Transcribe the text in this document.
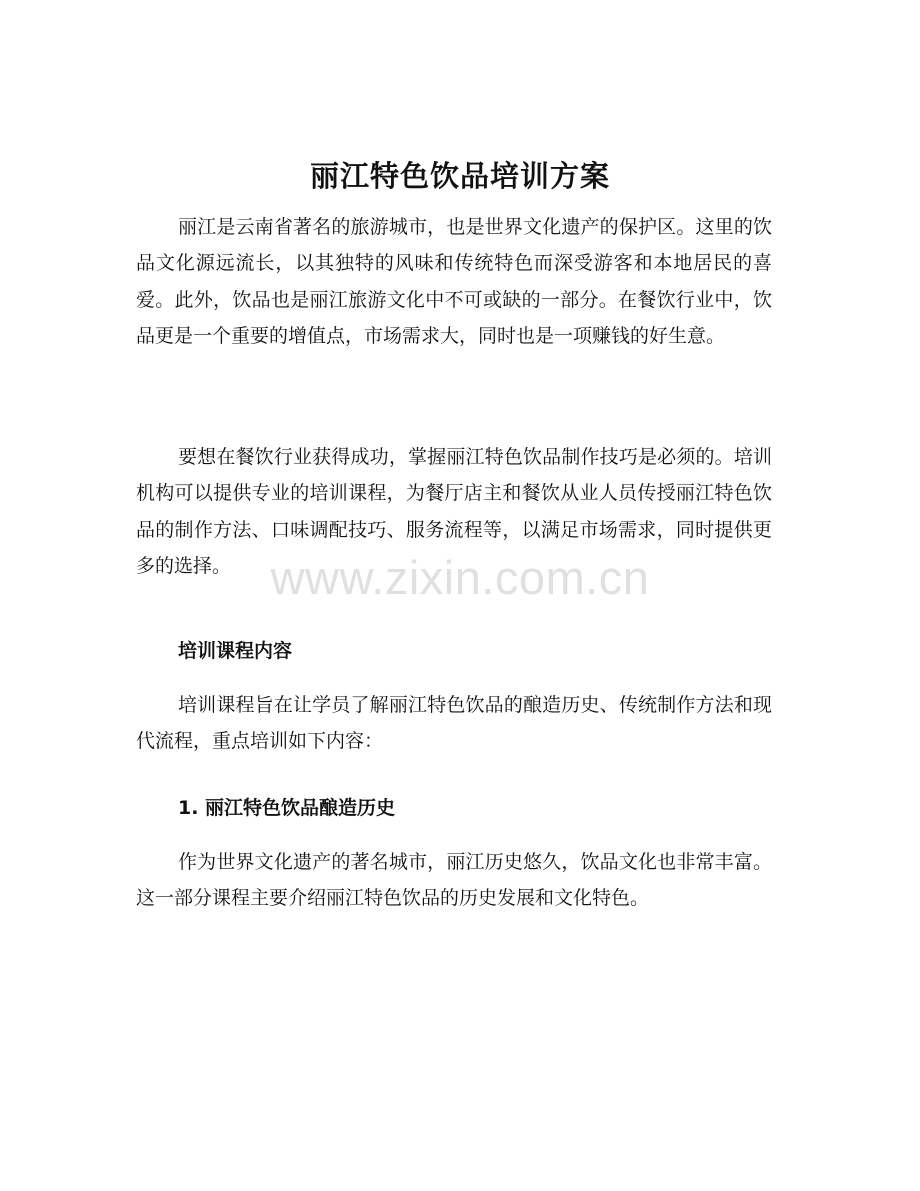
丽江特色饮品培训方案

丽江是云南省著名的旅游城市，也是世界文化遗产的保护区。这里的饮品文化源远流长，以其独特的风味和传统特色而深受游客和本地居民的喜爱。此外，饮品也是丽江旅游文化中不可或缺的一部分。在餐饮行业中，饮品更是一个重要的增值点，市场需求大，同时也是一项赚钱的好生意。

要想在餐饮行业获得成功，掌握丽江特色饮品制作技巧是必须的。培训机构可以提供专业的培训课程，为餐厅店主和餐饮从业人员传授丽江特色饮品的制作方法、口味调配技巧、服务流程等，以满足市场需求，同时提供更多的选择。

培训课程内容

培训课程旨在让学员了解丽江特色饮品的酿造历史、传统制作方法和现代流程，重点培训如下内容：

1. 丽江特色饮品酿造历史

作为世界文化遗产的著名城市，丽江历史悠久，饮品文化也非常丰富。这一部分课程主要介绍丽江特色饮品的历史发展和文化特色。

www.zixin.com.cn
